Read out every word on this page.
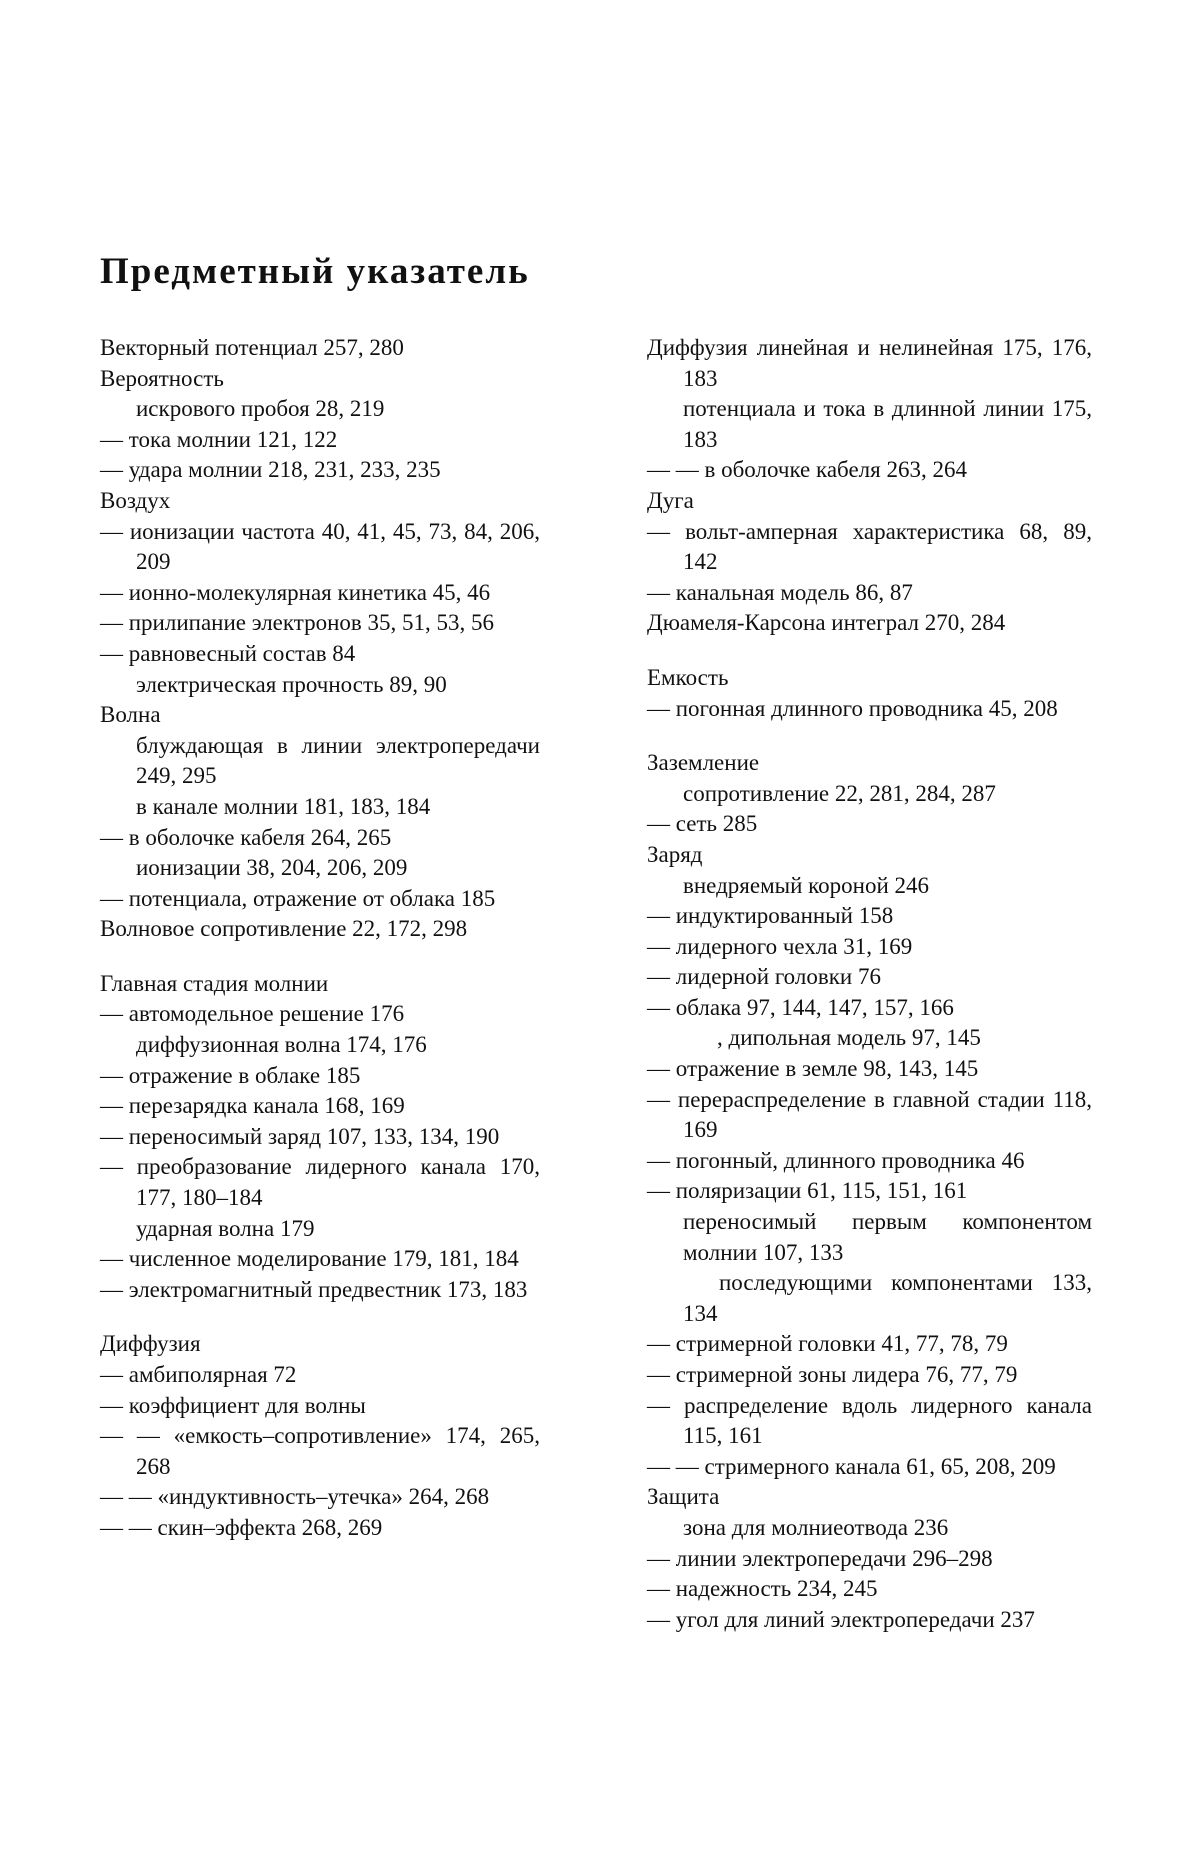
Предметный указатель
Векторный потенциал 257, 280
Вероятность
искрового пробоя 28, 219
— тока молнии 121, 122
— удара молнии 218, 231, 233, 235
Воздух
— ионизации частота 40, 41, 45, 73, 84, 206, 209
— ионно-молекулярная кинетика 45, 46
— прилипание электронов 35, 51, 53, 56
— равновесный состав 84
электрическая прочность 89, 90
Волна
блуждающая в линии электропередачи 249, 295
в канале молнии 181, 183, 184
— в оболочке кабеля 264, 265
ионизации 38, 204, 206, 209
— потенциала, отражение от облака 185
Волновое сопротивление 22, 172, 298
Главная стадия молнии
— автомодельное решение 176
диффузионная волна 174, 176
— отражение в облаке 185
— перезарядка канала 168, 169
— переносимый заряд 107, 133, 134, 190
— преобразование лидерного канала 170, 177, 180–184
ударная волна 179
— численное моделирование 179, 181, 184
— электромагнитный предвестник 173, 183
Диффузия
— амбиполярная 72
— коэффициент для волны
— — «емкость–сопротивление» 174, 265, 268
— — «индуктивность–утечка» 264, 268
— — скин–эффекта 268, 269
Диффузия линейная и нелинейная 175, 176, 183
потенциала и тока в длинной линии 175, 183
— — в оболочке кабеля 263, 264
Дуга
— вольт-амперная характеристика 68, 89, 142
— канальная модель 86, 87
Дюамеля-Карсона интеграл 270, 284
Емкость
— погонная длинного проводника 45, 208
Заземление
сопротивление 22, 281, 284, 287
— сеть 285
Заряд
внедряемый короной 246
— индуктированный 158
— лидерного чехла 31, 169
— лидерной головки 76
— облака 97, 144, 147, 157, 166
, дипольная модель 97, 145
— отражение в земле 98, 143, 145
— перераспределение в главной стадии 118, 169
— погонный, длинного проводника 46
— поляризации 61, 115, 151, 161
переносимый первым компонентом молнии 107, 133
последующими компонентами 133, 134
— стримерной головки 41, 77, 78, 79
— стримерной зоны лидера 76, 77, 79
— распределение вдоль лидерного канала 115, 161
— — стримерного канала 61, 65, 208, 209
Защита
зона для молниеотвода 236
— линии электропередачи 296–298
— надежность 234, 245
— угол для линий электропередачи 237
